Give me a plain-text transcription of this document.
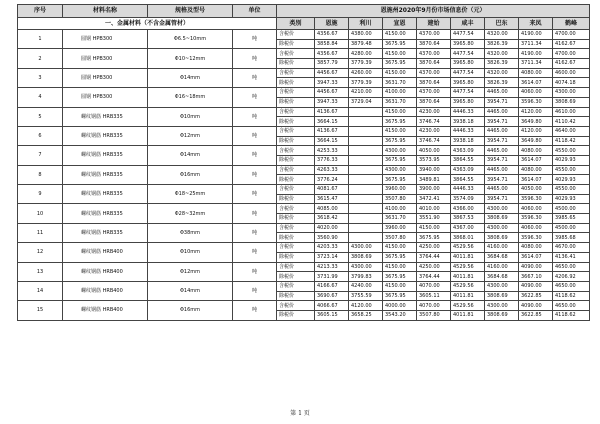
序号	材料名称	规格及型号	单位	恩施州2020年9月份市场信息价（元）								
一、金属材料（不含金属管材）				类别	恩施	利川	宣恩	建始	咸丰	巴东	来凤	鹤峰
1	圆钢 HPB300	Φ6.5~10mm	吨	含税价	4356.67	4380.00	4150.00	4370.00	4477.54	4320.00	4190.00	4700.00
				除税价	3858.84	3879.48	3675.95	3870.64	3965.80	3826.39	3711.34	4162.67
2	圆钢 HPB300	Φ10~12mm	吨	含税价	4356.67	4280.00	4150.00	4370.00	4477.54	4320.00	4190.00	4700.00
				除税价	3857.79	3779.39	3675.95	3870.64	3965.80	3826.39	3711.34	4162.67
3	圆钢 HPB300	Φ14mm	吨	含税价	4456.67	4260.00	4150.00	4370.00	4477.54	4320.00	4080.00	4600.00
				除税价	3947.33	3779.39	3631.70	3870.64	3965.80	3826.39	3614.07	4074.18
4	圆钢 HPB300	Φ16~18mm	吨	含税价	4456.67	4210.00	4100.00	4370.00	4477.54	4465.00	4060.00	4300.00
				除税价	3947.33	3729.04	3631.70	3870.64	3965.80	3954.71	3596.30	3808.69
5	螺纹钢筋 HRB335	Φ10mm	吨	含税价	4136.67		4150.00	4230.00	4446.33	4465.00	4120.00	4610.00
				除税价	3664.15		3675.95	3746.74	3938.18	3954.71	3649.80	4110.42
6	螺纹钢筋 HRB335	Φ12mm	吨	含税价	4136.67		4150.00	4230.00	4446.33	4465.00	4120.00	4640.00
				除税价	3664.15		3675.95	3746.74	3938.18	3954.71	3649.80	4118.42
7	螺纹钢筋 HRB335	Φ14mm	吨	含税价	4253.33		4300.00	4050.00	4363.09	4465.00	4080.00	4550.00
				除税价	3776.33		3675.95	3573.95	3864.55	3954.71	3614.07	4029.93
8	螺纹钢筋 HRB335	Φ16mm	吨	含税价	4263.33		4300.00	3940.00	4363.09	4465.00	4080.00	4550.00
				除税价	3776.24		3675.95	3489.81	3864.55	3954.71	3614.07	4029.93
9	螺纹钢筋 HRB335	Φ18~25mm	吨	含税价	4081.67		3960.00	3900.00	4446.33	4465.00	4050.00	4550.00
				除税价	3615.47		3507.80	3472.41	3574.09	3954.71	3596.30	4029.93
10	螺纹钢筋 HRB335	Φ28~32mm	吨	含税价	4085.00		4100.00	4010.00	4366.00	4300.00	4060.00	4500.00
				除税价	3618.42		3631.70	3551.90	3867.53	3808.69	3596.30	3985.65
11	螺纹钢筋 HRB335	Φ38mm	吨	含税价	4020.00		3960.00	4150.00	4367.00	4300.00	4060.00	4500.00
				除税价	3560.90		3507.80	3675.95	3868.01	3808.69	3596.30	3985.68
12	螺纹钢筋 HRB400	Φ10mm	吨	含税价	4203.33	4300.00	4150.00	4250.00	4529.56	4160.00	4080.00	4670.00
				除税价	3723.14	3808.69	3675.95	3764.44	4011.81	3684.68	3614.07	4136.41
13	螺纹钢筋 HRB400	Φ12mm	吨	含税价	4213.33	4300.00	4150.00	4250.00	4529.56	4160.00	4090.00	4650.00
				除税价	3731.99	3799.83	3675.95	3764.44	4011.81	3684.68	3667.10	4206.92
14	螺纹钢筋 HRB400	Φ14mm	吨	含税价	4166.67	4240.00	4150.00	4070.00	4529.56	4300.00	4090.00	4650.00
				除税价	3690.67	3755.59	3675.95	3605.11	4011.81	3808.69	3622.85	4118.62
15	螺纹钢筋 HRB400	Φ16mm	吨	含税价	4066.67	4120.00	4000.00	4070.00	4529.56	4300.00	4090.00	4650.00
				除税价	3605.15	3658.25	3543.20	3507.80	4011.81	3808.69	3622.85	4118.62
第 1 页
